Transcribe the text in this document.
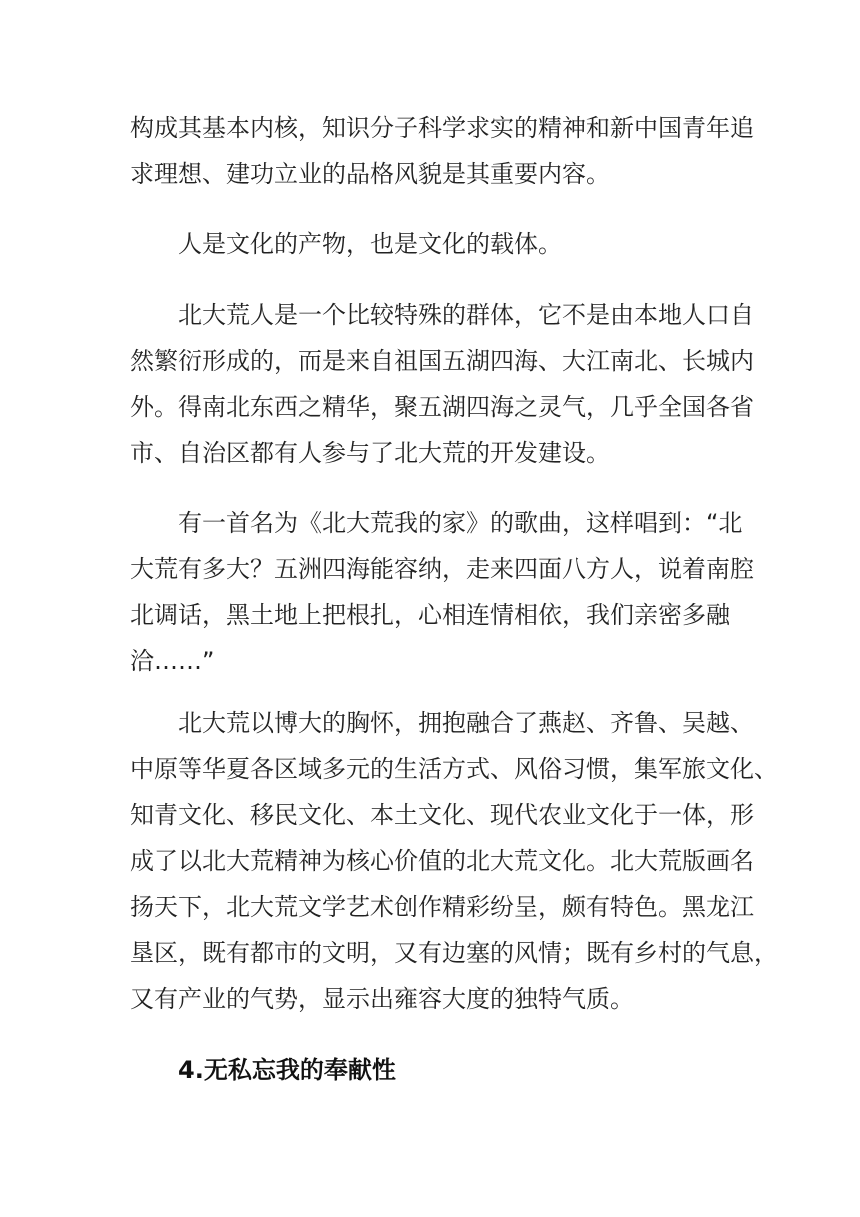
构成其基本内核，知识分子科学求实的精神和新中国青年追
求理想、建功立业的品格风貌是其重要内容。
人是文化的产物，也是文化的载体。
北大荒人是一个比较特殊的群体，它不是由本地人口自
然繁衍形成的，而是来自祖国五湖四海、大江南北、长城内
外。得南北东西之精华，聚五湖四海之灵气，几乎全国各省
市、自治区都有人参与了北大荒的开发建设。
有一首名为《北大荒我的家》的歌曲，这样唱到：“北
大荒有多大？五洲四海能容纳，走来四面八方人，说着南腔
北调话，黑土地上把根扎，心相连情相依，我们亲密多融
洽……”
北大荒以博大的胸怀，拥抱融合了燕赵、齐鲁、吴越、
中原等华夏各区域多元的生活方式、风俗习惯，集军旅文化、
知青文化、移民文化、本土文化、现代农业文化于一体，形
成了以北大荒精神为核心价值的北大荒文化。北大荒版画名
扬天下，北大荒文学艺术创作精彩纷呈，颇有特色。黑龙江
垦区，既有都市的文明，又有边塞的风情；既有乡村的气息，
又有产业的气势，显示出雍容大度的独特气质。
4.无私忘我的奉献性
